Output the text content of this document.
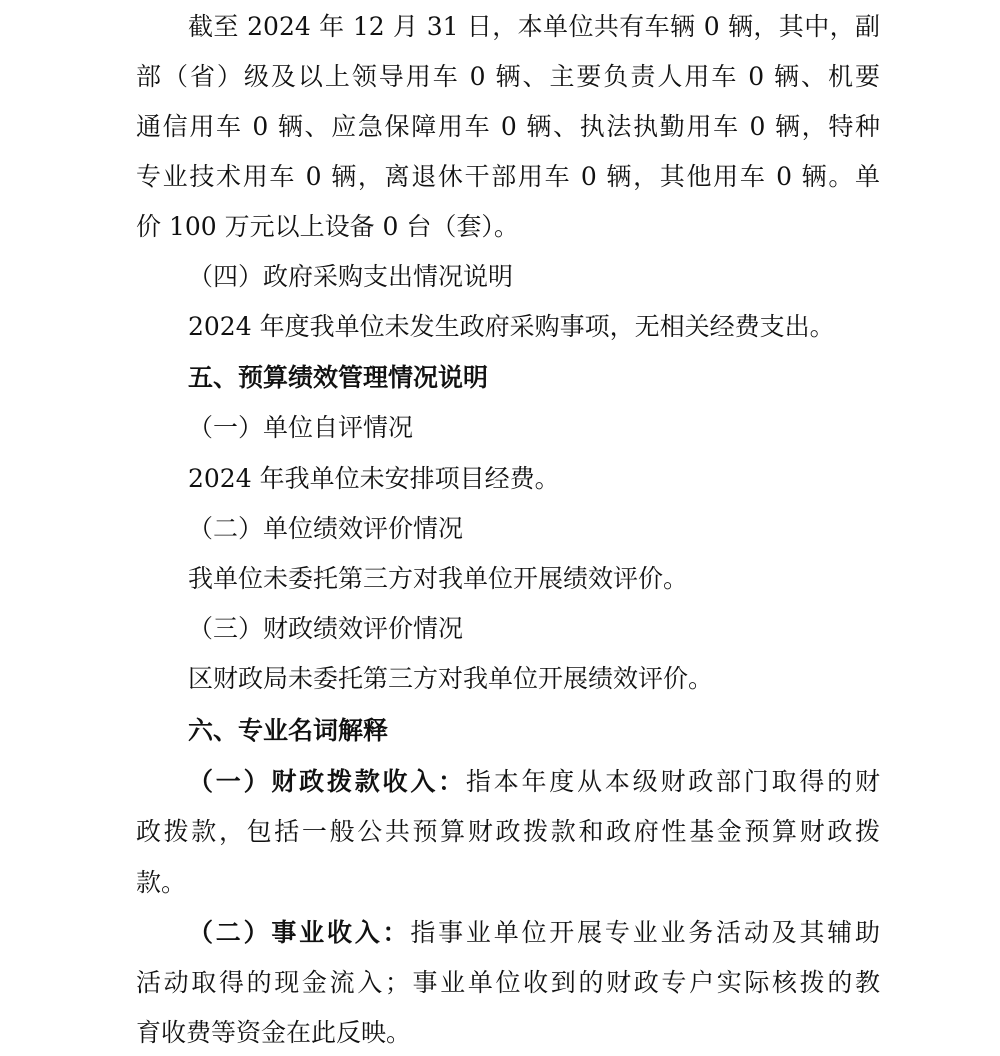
截至 2024 年 12 月 31 日，本单位共有车辆 0 辆，其中，副
部（省）级及以上领导用车 0 辆、主要负责人用车 0 辆、机要
通信用车 0 辆、应急保障用车 0 辆、执法执勤用车 0 辆，特种
专业技术用车 0 辆，离退休干部用车 0 辆，其他用车 0 辆。单
价 100 万元以上设备 0 台（套）。
（四）政府采购支出情况说明
2024 年度我单位未发生政府采购事项，无相关经费支出。
五、预算绩效管理情况说明
（一）单位自评情况
2024 年我单位未安排项目经费。
（二）单位绩效评价情况
我单位未委托第三方对我单位开展绩效评价。
（三）财政绩效评价情况
区财政局未委托第三方对我单位开展绩效评价。
六、专业名词解释
（一）财政拨款收入：指本年度从本级财政部门取得的财
政拨款，包括一般公共预算财政拨款和政府性基金预算财政拨
款。
（二）事业收入：指事业单位开展专业业务活动及其辅助
活动取得的现金流入；事业单位收到的财政专户实际核拨的教
育收费等资金在此反映。
